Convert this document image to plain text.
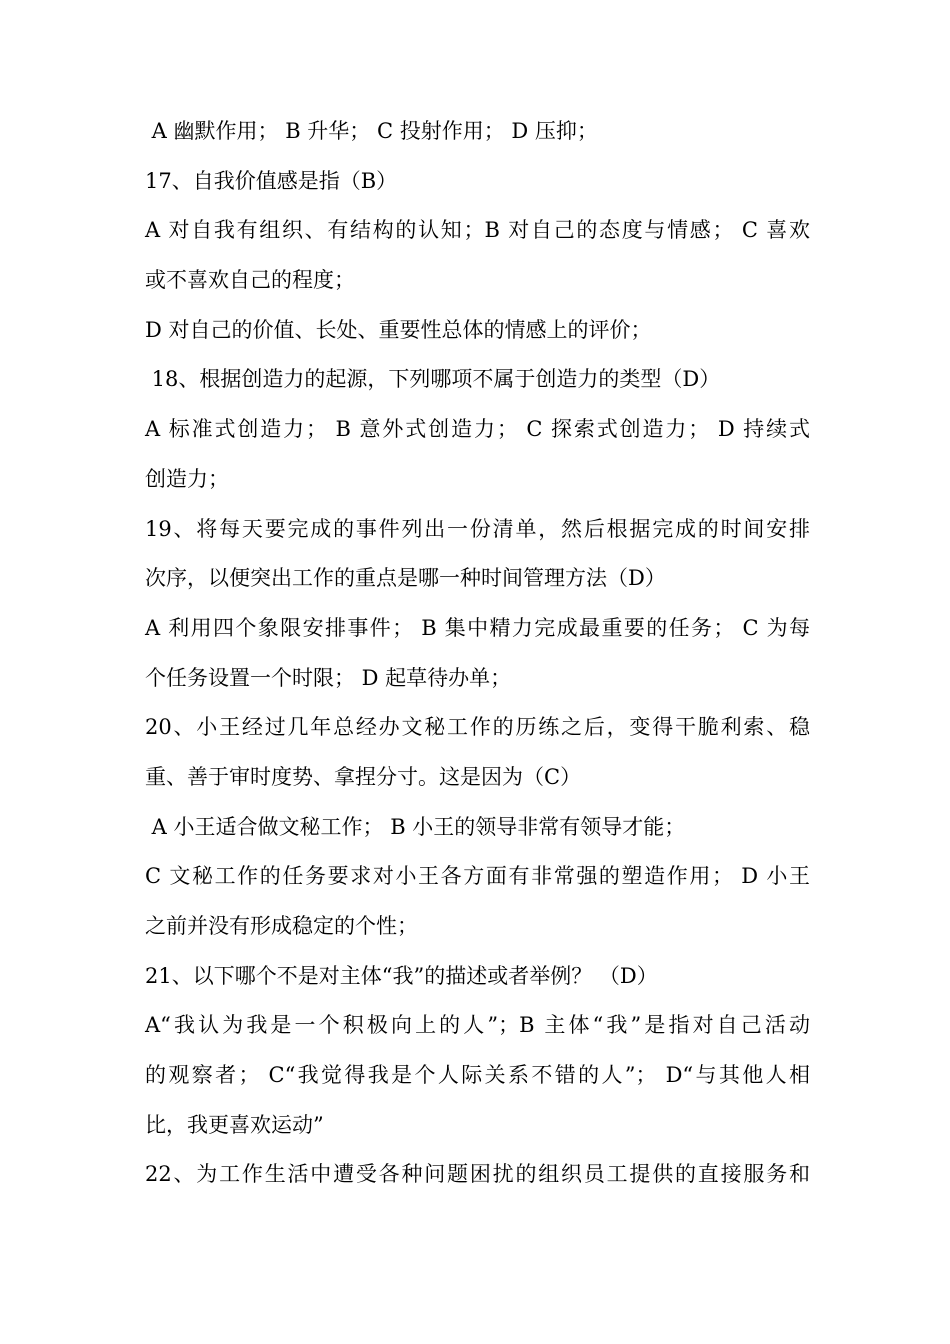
A 幽默作用； B 升华； C 投射作用； D 压抑；
17、自我价值感是指（B）
A 对自我有组织、有结构的认知；B 对自己的态度与情感； C 喜欢
或不喜欢自己的程度；
D 对自己的价值、长处、重要性总体的情感上的评价；
18、根据创造力的起源，下列哪项不属于创造力的类型（D）
A 标准式创造力； B 意外式创造力； C 探索式创造力； D 持续式
创造力；
19、将每天要完成的事件列出一份清单，然后根据完成的时间安排
次序，以便突出工作的重点是哪一种时间管理方法（D）
A 利用四个象限安排事件； B 集中精力完成最重要的任务； C 为每
个任务设置一个时限； D 起草待办单；
20、小王经过几年总经办文秘工作的历练之后，变得干脆利索、稳
重、善于审时度势、拿捏分寸。这是因为（C）
A 小王适合做文秘工作； B 小王的领导非常有领导才能；
C 文秘工作的任务要求对小王各方面有非常强的塑造作用； D 小王
之前并没有形成稳定的个性；
21、以下哪个不是对主体“我”的描述或者举例？ （D）
A“我认为我是一个积极向上的人”；B 主体“我”是指对自己活动
的观察者； C“我觉得我是个人际关系不错的人”； D“与其他人相
比，我更喜欢运动”
22、为工作生活中遭受各种问题困扰的组织员工提供的直接服务和
